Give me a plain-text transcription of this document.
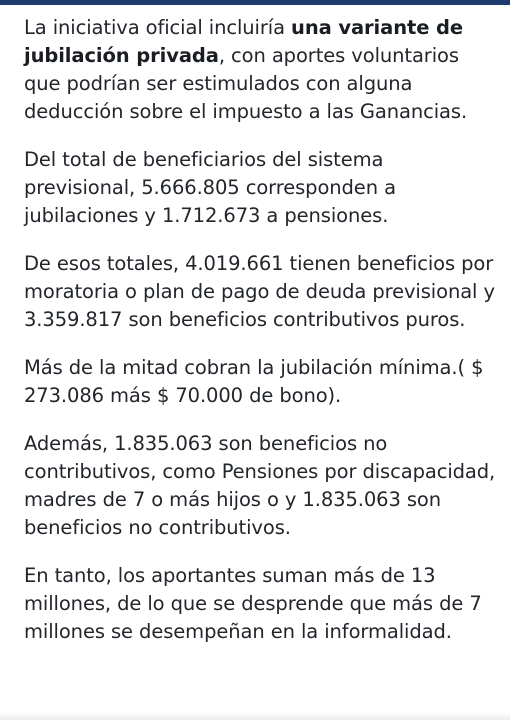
La iniciativa oficial incluiría una variante de jubilación privada, con aportes voluntarios que podrían ser estimulados con alguna deducción sobre el impuesto a las Ganancias.

Del total de beneficiarios del sistema previsional, 5.666.805 corresponden a jubilaciones y 1.712.673 a pensiones.

De esos totales, 4.019.661 tienen beneficios por moratoria o plan de pago de deuda previsional y 3.359.817 son beneficios contributivos puros.

Más de la mitad cobran la jubilación mínima.( $ 273.086 más $ 70.000 de bono).

Además, 1.835.063 son beneficios no contributivos, como Pensiones por discapacidad, madres de 7 o más hijos o y 1.835.063 son beneficios no contributivos.

En tanto, los aportantes suman más de 13 millones, de lo que se desprende que más de 7 millones se desempeñan en la informalidad.
